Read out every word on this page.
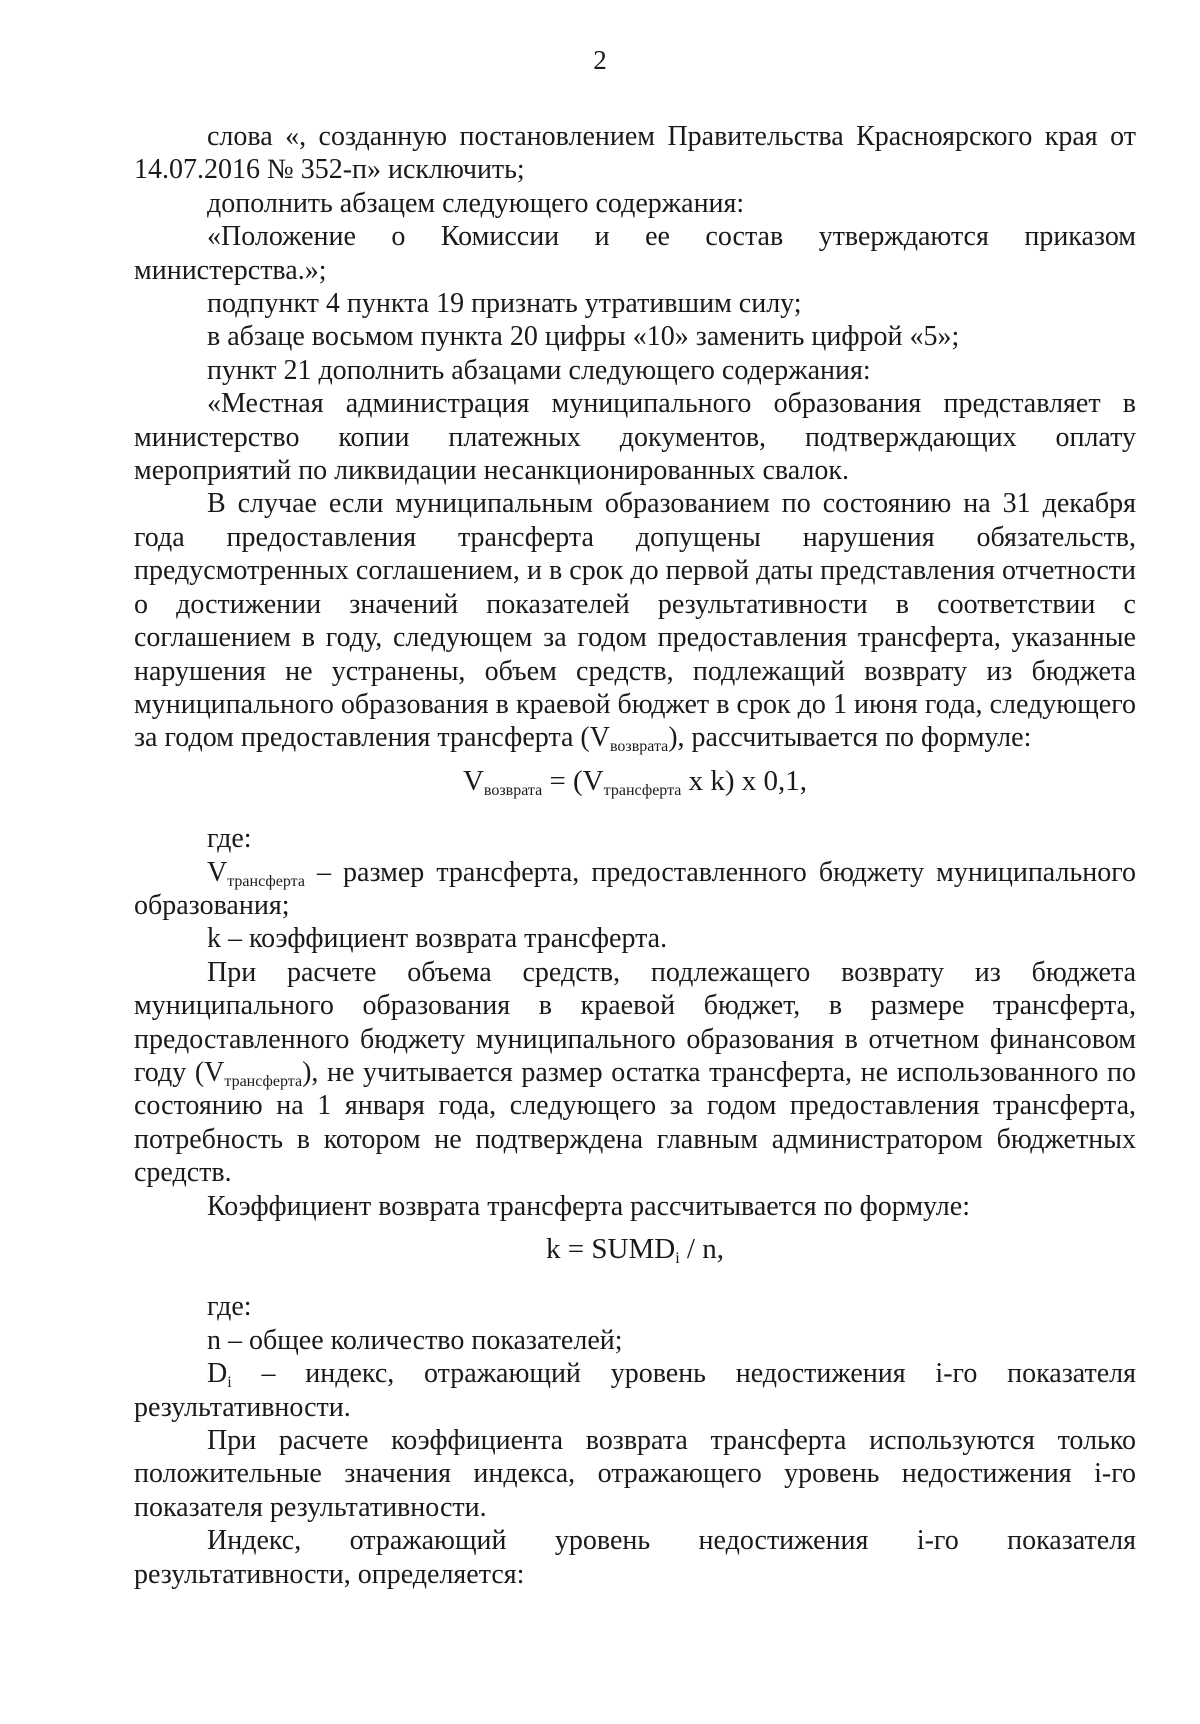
2

слова «, созданную постановлением Правительства Красноярского края от 14.07.2016 № 352-п» исключить;

дополнить абзацем следующего содержания:

«Положение о Комиссии и ее состав утверждаются приказом министерства.»;

подпункт 4 пункта 19 признать утратившим силу;

в абзаце восьмом пункта 20 цифры «10» заменить цифрой «5»;

пункт 21 дополнить абзацами следующего содержания:

«Местная администрация муниципального образования представляет в министерство копии платежных документов, подтверждающих оплату мероприятий по ликвидации несанкционированных свалок.

В случае если муниципальным образованием по состоянию на 31 декабря года предоставления трансферта допущены нарушения обязательств, предусмотренных соглашением, и в срок до первой даты представления отчетности о достижении значений показателей результативности в соответствии с соглашением в году, следующем за годом предоставления трансферта, указанные нарушения не устранены, объем средств, подлежащий возврату из бюджета муниципального образования в краевой бюджет в срок до 1 июня года, следующего за годом предоставления трансферта $(V_{возврата})$, рассчитывается по формуле:

$V_{возврата} = (V_{трансферта}$ x k) x 0,1,

где:

$V_{трансферта}$ – размер трансферта, предоставленного бюджету муниципального образования;

k – коэффициент возврата трансферта.

При расчете объема средств, подлежащего возврату из бюджета муниципального образования в краевой бюджет, в размере трансферта, предоставленного бюджету муниципального образования в отчетном финансовом году $(V_{трансферта})$, не учитывается размер остатка трансферта, не использованного по состоянию на 1 января года, следующего за годом предоставления трансферта, потребность в котором не подтверждена главным администратором бюджетных средств.

Коэффициент возврата трансферта рассчитывается по формуле:

$k = SUMD_i / n$,

где:

n – общее количество показателей;

$D_i$ – индекс, отражающий уровень недостижения i-го показателя результативности.

При расчете коэффициента возврата трансферта используются только положительные значения индекса, отражающего уровень недостижения i-го показателя результативности.

Индекс, отражающий уровень недостижения i-го показателя результативности, определяется:
